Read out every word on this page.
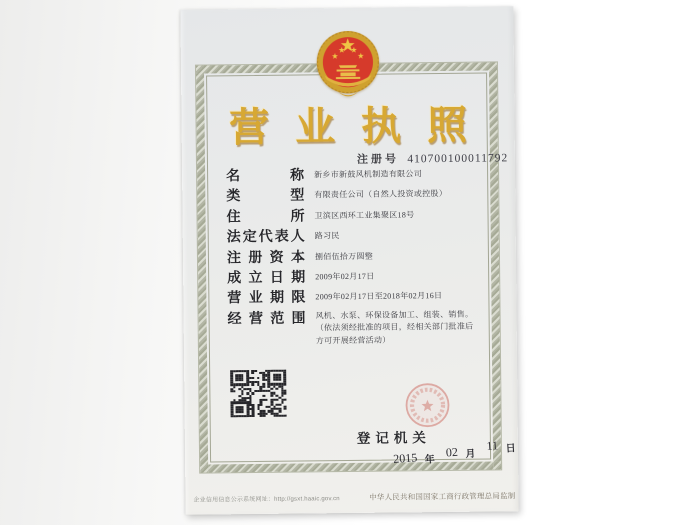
营业执照
注册号 410700100011792
名称 新乡市新鼓风机制造有限公司
类型 有限责任公司（自然人投资或控股）
住所 卫滨区西环工业集聚区18号
法定代表人 路习民
注册资本 捌佰伍拾万圆整
成立日期 2009年02月17日
营业期限 2009年02月17日至2018年02月16日
经营范围 风机、水泵、环保设备加工、组装、销售。（依法须经批准的项目，经相关部门批准后方可开展经营活动）
登记机关
2015 年 02 月 11 日
企业信用信息公示系统网址：http://gsxt.haaic.gov.cn	中华人民共和国国家工商行政管理总局监制
